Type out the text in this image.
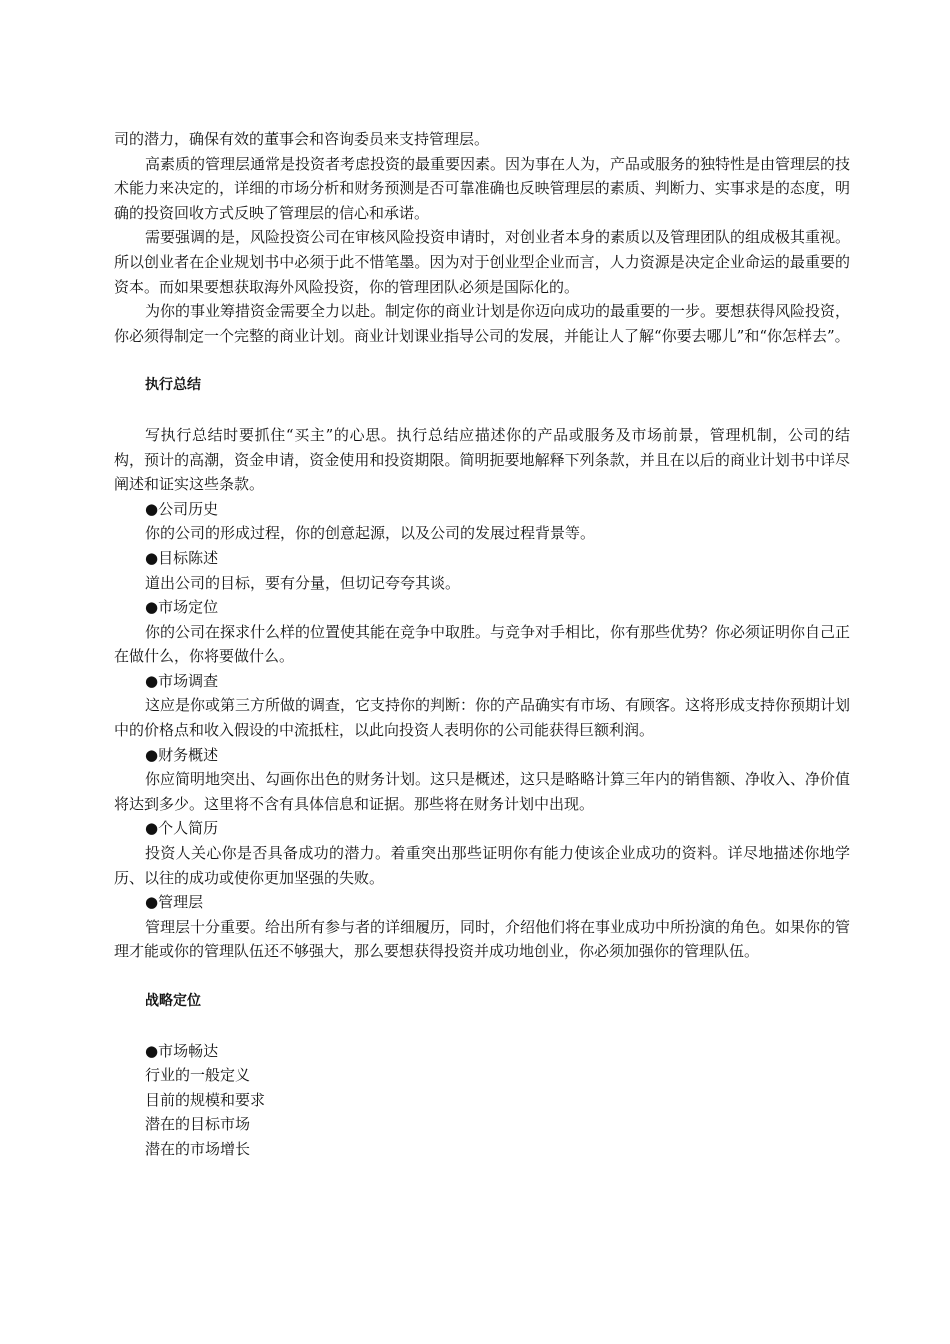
司的潜力，确保有效的董事会和咨询委员来支持管理层。

高素质的管理层通常是投资者考虑投资的最重要因素。因为事在人为，产品或服务的独特性是由管理层的技术能力来决定的，详细的市场分析和财务预测是否可靠准确也反映管理层的素质、判断力、实事求是的态度，明确的投资回收方式反映了管理层的信心和承诺。

需要强调的是，风险投资公司在审核风险投资申请时，对创业者本身的素质以及管理团队的组成极其重视。所以创业者在企业规划书中必须于此不惜笔墨。因为对于创业型企业而言，人力资源是决定企业命运的最重要的资本。而如果要想获取海外风险投资，你的管理团队必须是国际化的。

为你的事业筹措资金需要全力以赴。制定你的商业计划是你迈向成功的最重要的一步。要想获得风险投资，你必须得制定一个完整的商业计划。商业计划课业指导公司的发展，并能让人了解“你要去哪儿”和“你怎样去”。

执行总结

写执行总结时要抓住“买主”的心思。执行总结应描述你的产品或服务及市场前景，管理机制，公司的结构，预计的高潮，资金申请，资金使用和投资期限。简明扼要地解释下列条款，并且在以后的商业计划书中详尽阐述和证实这些条款。

●公司历史

你的公司的形成过程，你的创意起源，以及公司的发展过程背景等。

●目标陈述

道出公司的目标，要有分量，但切记夸夸其谈。

●市场定位

你的公司在探求什么样的位置使其能在竞争中取胜。与竞争对手相比，你有那些优势？你必须证明你自己正在做什么，你将要做什么。

●市场调查

这应是你或第三方所做的调查，它支持你的判断：你的产品确实有市场、有顾客。这将形成支持你预期计划中的价格点和收入假设的中流抵柱，以此向投资人表明你的公司能获得巨额利润。

●财务概述

你应简明地突出、勾画你出色的财务计划。这只是概述，这只是略略计算三年内的销售额、净收入、净价值将达到多少。这里将不含有具体信息和证据。那些将在财务计划中出现。

●个人简历

投资人关心你是否具备成功的潜力。着重突出那些证明你有能力使该企业成功的资料。详尽地描述你地学历、以往的成功或使你更加坚强的失败。

●管理层

管理层十分重要。给出所有参与者的详细履历，同时，介绍他们将在事业成功中所扮演的角色。如果你的管理才能或你的管理队伍还不够强大，那么要想获得投资并成功地创业，你必须加强你的管理队伍。

战略定位

●市场畅达

行业的一般定义

目前的规模和要求

潜在的目标市场

潜在的市场增长
